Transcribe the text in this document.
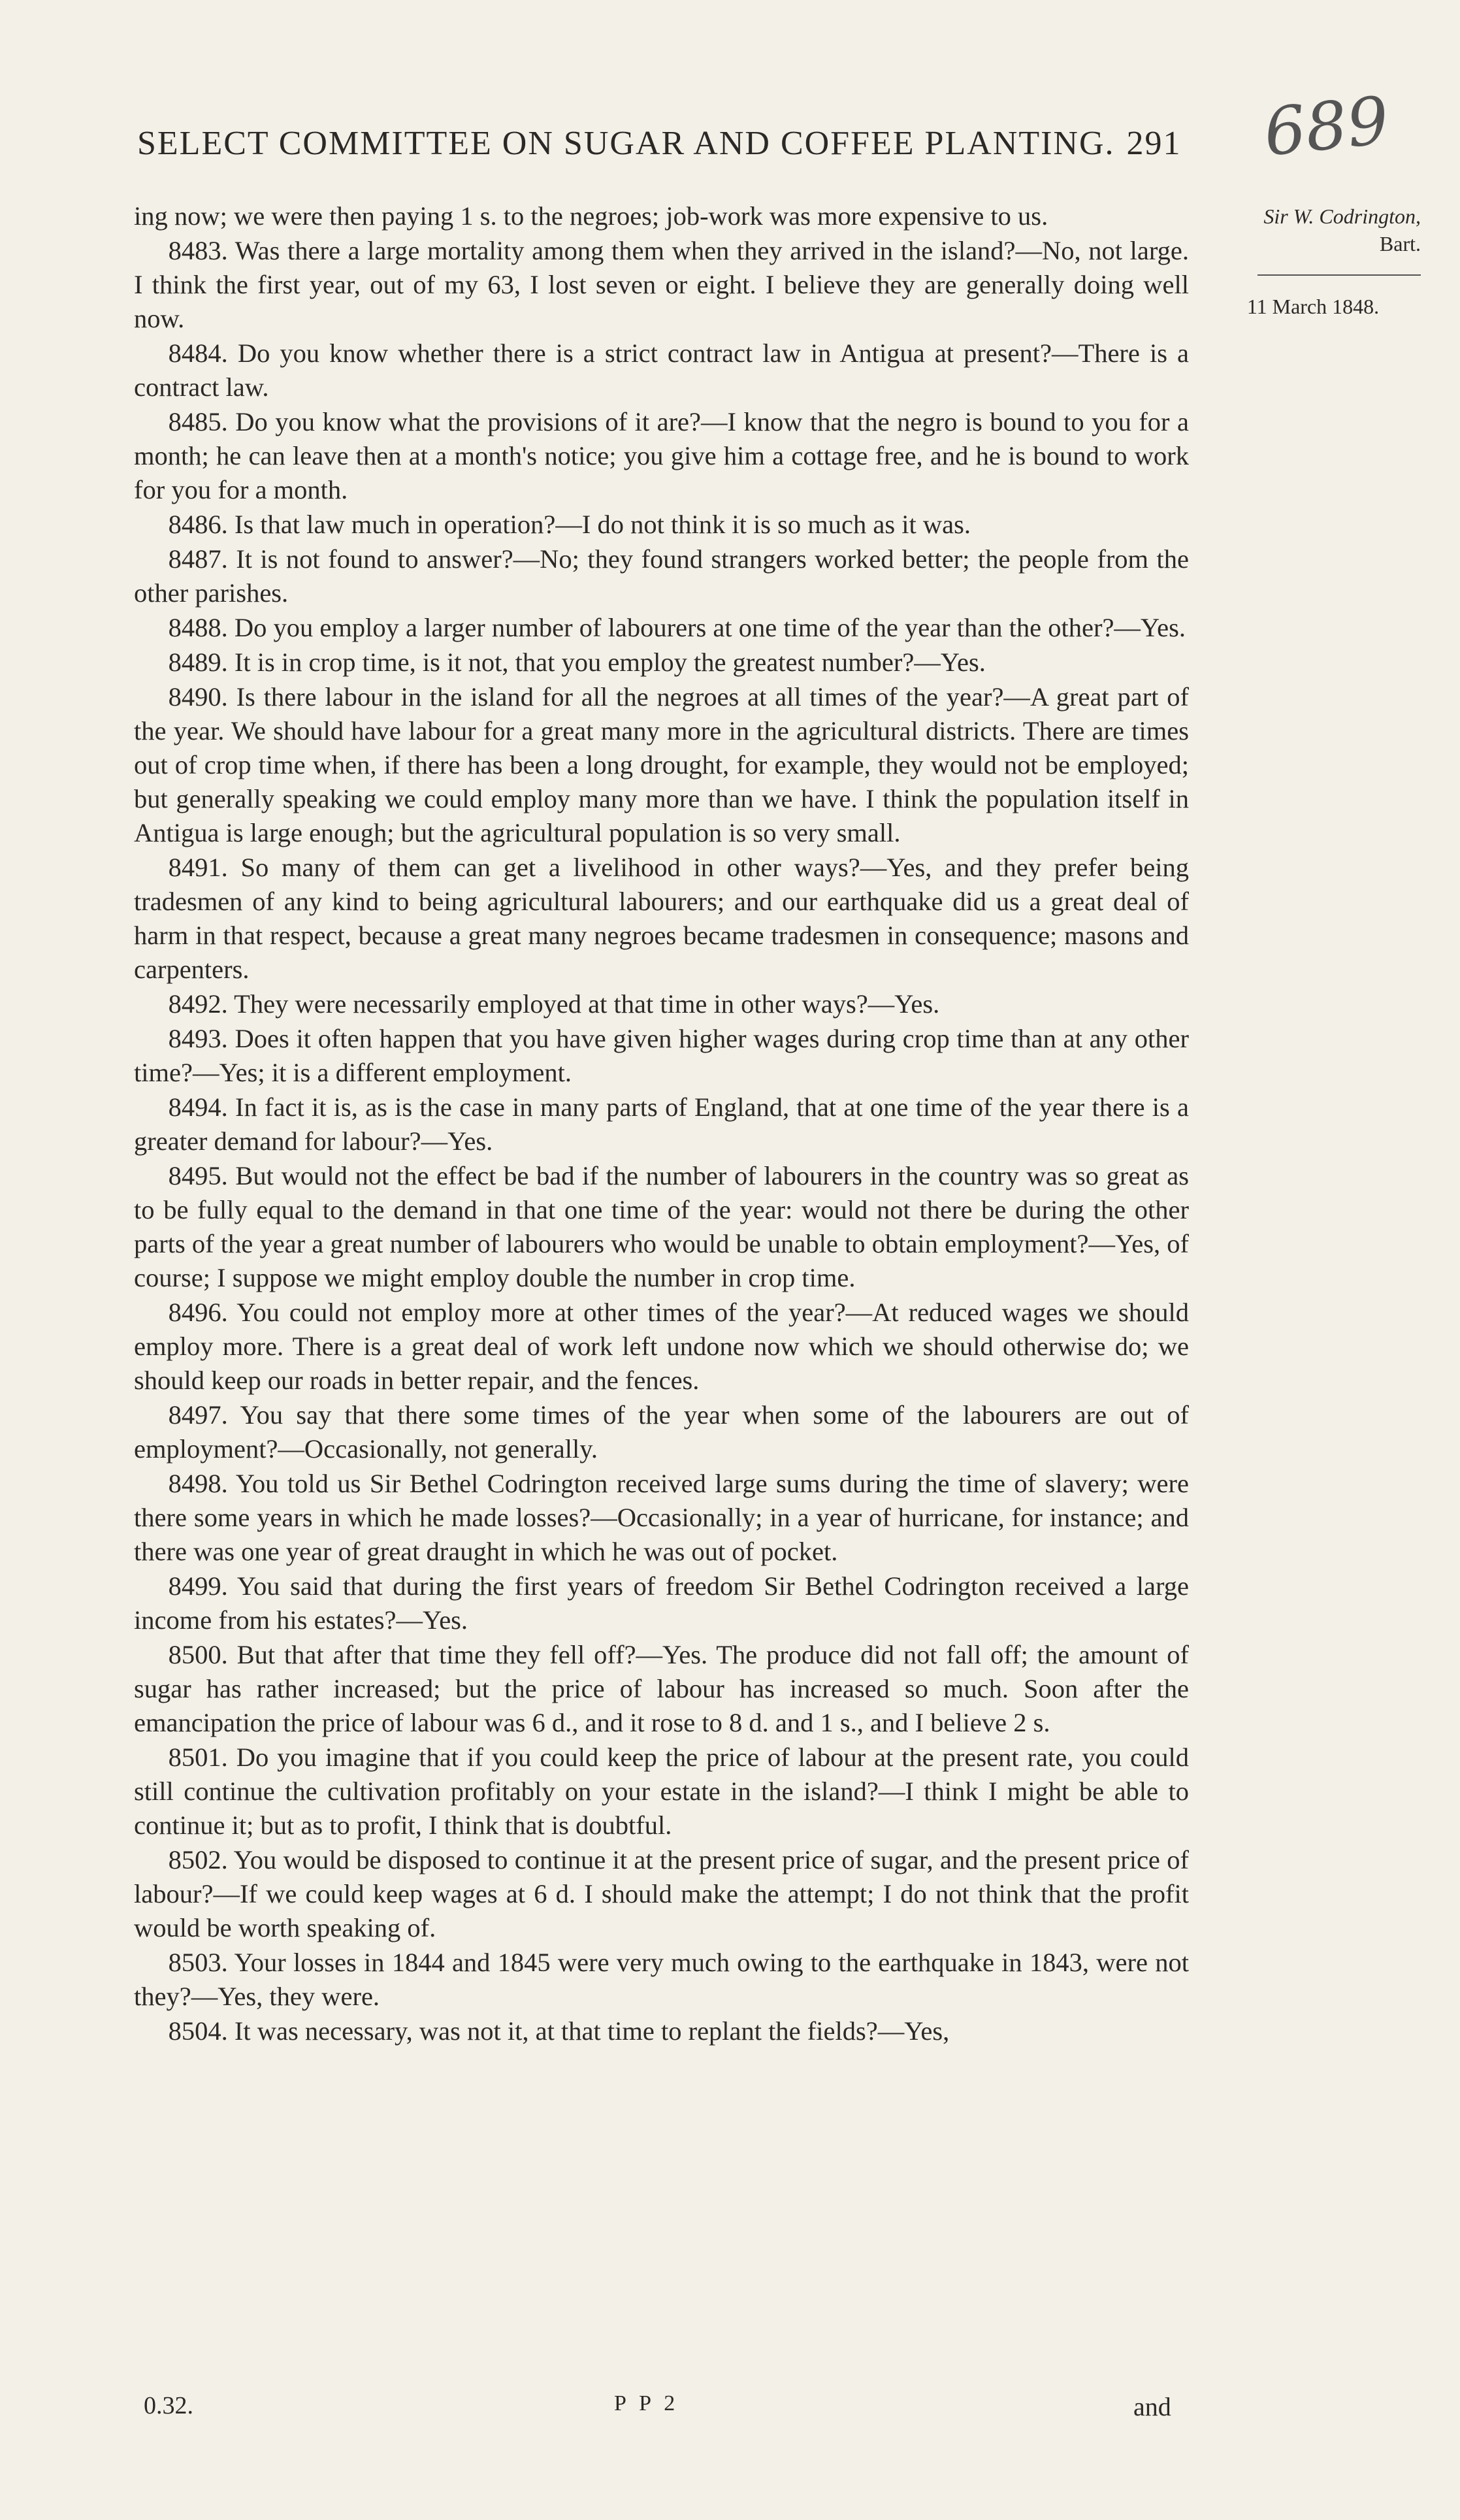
SELECT COMMITTEE ON SUGAR AND COFFEE PLANTING. 291 689
Sir W. Codrington,
Bart.
11 March 1848.

ing now; we were then paying 1 s. to the negroes; job-work was more expensive to us.

8483. Was there a large mortality among them when they arrived in the island?—No, not large. I think the first year, out of my 63, I lost seven or eight. I believe they are generally doing well now.

8484. Do you know whether there is a strict contract law in Antigua at present?—There is a contract law.

8485. Do you know what the provisions of it are?—I know that the negro is bound to you for a month; he can leave then at a month's notice; you give him a cottage free, and he is bound to work for you for a month.

8486. Is that law much in operation?—I do not think it is so much as it was.

8487. It is not found to answer?—No; they found strangers worked better; the people from the other parishes.

8488. Do you employ a larger number of labourers at one time of the year than the other?—Yes.

8489. It is in crop time, is it not, that you employ the greatest number?—Yes.

8490. Is there labour in the island for all the negroes at all times of the year?—A great part of the year. We should have labour for a great many more in the agricultural districts. There are times out of crop time when, if there has been a long drought, for example, they would not be employed; but generally speaking we could employ many more than we have. I think the population itself in Antigua is large enough; but the agricultural population is so very small.

8491. So many of them can get a livelihood in other ways?—Yes, and they prefer being tradesmen of any kind to being agricultural labourers; and our earthquake did us a great deal of harm in that respect, because a great many negroes became tradesmen in consequence; masons and carpenters.

8492. They were necessarily employed at that time in other ways?—Yes.

8493. Does it often happen that you have given higher wages during crop time than at any other time?—Yes; it is a different employment.

8494. In fact it is, as is the case in many parts of England, that at one time of the year there is a greater demand for labour?—Yes.

8495. But would not the effect be bad if the number of labourers in the country was so great as to be fully equal to the demand in that one time of the year: would not there be during the other parts of the year a great number of labourers who would be unable to obtain employment?—Yes, of course; I suppose we might employ double the number in crop time.

8496. You could not employ more at other times of the year?—At reduced wages we should employ more. There is a great deal of work left undone now which we should otherwise do; we should keep our roads in better repair, and the fences.

8497. You say that there some times of the year when some of the labourers are out of employment?—Occasionally, not generally.

8498. You told us Sir Bethel Codrington received large sums during the time of slavery; were there some years in which he made losses?—Occasionally; in a year of hurricane, for instance; and there was one year of great draught in which he was out of pocket.

8499. You said that during the first years of freedom Sir Bethel Codrington received a large income from his estates?—Yes.

8500. But that after that time they fell off?—Yes. The produce did not fall off; the amount of sugar has rather increased; but the price of labour has increased so much. Soon after the emancipation the price of labour was 6 d., and it rose to 8 d. and 1 s., and I believe 2 s.

8501. Do you imagine that if you could keep the price of labour at the present rate, you could still continue the cultivation profitably on your estate in the island?—I think I might be able to continue it; but as to profit, I think that is doubtful.

8502. You would be disposed to continue it at the present price of sugar, and the present price of labour?—If we could keep wages at 6 d. I should make the attempt; I do not think that the profit would be worth speaking of.

8503. Your losses in 1844 and 1845 were very much owing to the earthquake in 1843, were not they?—Yes, they were.

8504. It was necessary, was not it, at that time to replant the fields?—Yes,

0.32.	P P 2	and
